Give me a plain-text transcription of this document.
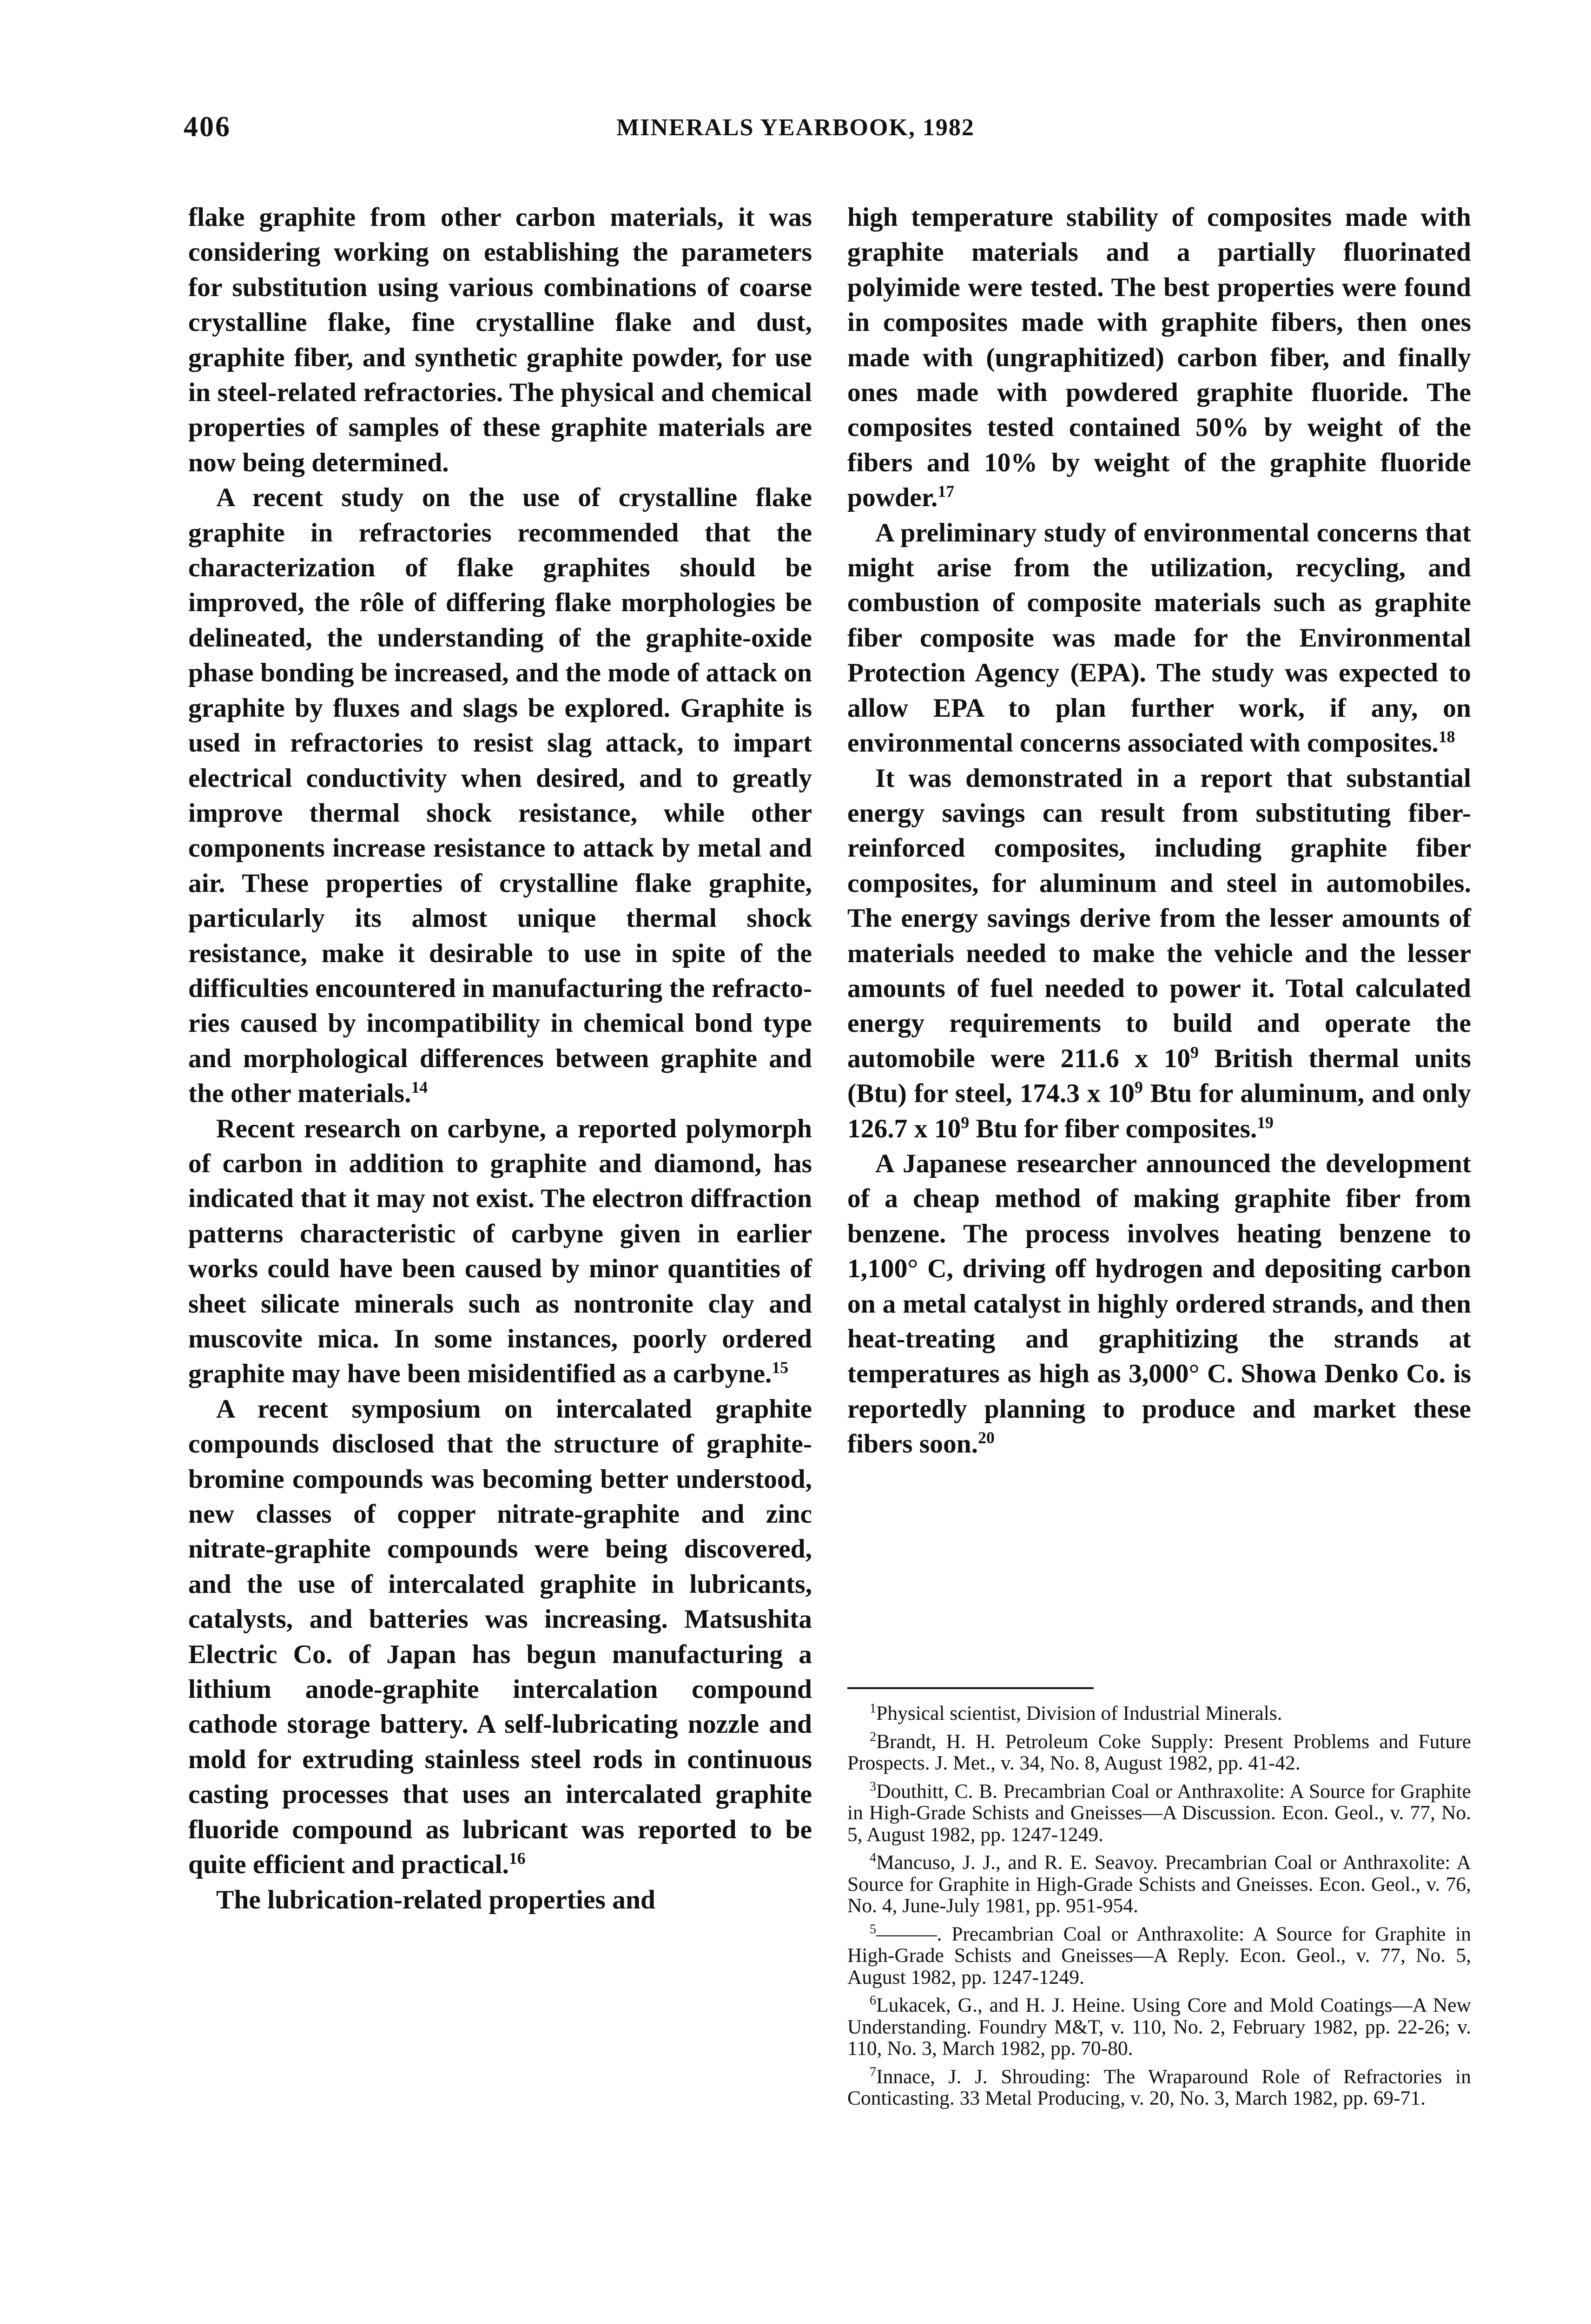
406	MINERALS YEARBOOK, 1982

flake graphite from other carbon materials, it was considering working on establishing the parameters for substitution using various combinations of coarse crystalline flake, fine crystalline flake and dust, graphite fiber, and synthetic graphite powder, for use in steel-related refractories. The physical and chemical properties of samples of these graphite materials are now being determined.

A recent study on the use of crystalline flake graphite in refractories recommended that the characterization of flake graphites should be improved, the rôle of differing flake morphologies be delineated, the understanding of the graphite-oxide phase bonding be increased, and the mode of attack on graphite by fluxes and slags be explored. Graphite is used in refractories to resist slag attack, to impart electrical conductivity when desired, and to greatly improve thermal shock resistance, while other components increase resistance to attack by metal and air. These properties of crystalline flake graphite, particularly its almost unique thermal shock resistance, make it desirable to use in spite of the difficulties encountered in manufacturing the refractories caused by incompatibility in chemical bond type and morphological differences between graphite and the other materials.$^{14}$

Recent research on carbyne, a reported polymorph of carbon in addition to graphite and diamond, has indicated that it may not exist. The electron diffraction patterns characteristic of carbyne given in earlier works could have been caused by minor quantities of sheet silicate minerals such as nontronite clay and muscovite mica. In some instances, poorly ordered graphite may have been misidentified as a carbyne.$^{15}$

A recent symposium on intercalated graphite compounds disclosed that the structure of graphite-bromine compounds was becoming better understood, new classes of copper nitrate-graphite and zinc nitrate-graphite compounds were being discovered, and the use of intercalated graphite in lubricants, catalysts, and batteries was increasing. Matsushita Electric Co. of Japan has begun manufacturing a lithium anode-graphite intercalation compound cathode storage battery. A self-lubricating nozzle and mold for extruding stainless steel rods in continuous casting processes that uses an intercalated graphite fluoride compound as lubricant was reported to be quite efficient and practical.$^{16}$

The lubrication-related properties and

high temperature stability of composites made with graphite materials and a partially fluorinated polyimide were tested. The best properties were found in composites made with graphite fibers, then ones made with (ungraphitized) carbon fiber, and finally ones made with powdered graphite fluoride. The composites tested contained 50% by weight of the fibers and 10% by weight of the graphite fluoride powder.$^{17}$

A preliminary study of environmental concerns that might arise from the utilization, recycling, and combustion of composite materials such as graphite fiber composite was made for the Environmental Protection Agency (EPA). The study was expected to allow EPA to plan further work, if any, on environmental concerns associated with composites.$^{18}$

It was demonstrated in a report that substantial energy savings can result from substituting fiber-reinforced composites, including graphite fiber composites, for aluminum and steel in automobiles. The energy savings derive from the lesser amounts of materials needed to make the vehicle and the lesser amounts of fuel needed to power it. Total calculated energy requirements to build and operate the automobile were 211.6 x $10^9$ British thermal units (Btu) for steel, 174.3 x $10^9$ Btu for aluminum, and only 126.7 x $10^9$ Btu for fiber composites.$^{19}$

A Japanese researcher announced the development of a cheap method of making graphite fiber from benzene. The process involves heating benzene to 1,100° C, driving off hydrogen and depositing carbon on a metal catalyst in highly ordered strands, and then heat-treating and graphitizing the strands at temperatures as high as 3,000° C. Showa Denko Co. is reportedly planning to produce and market these fibers soon.$^{20}$

$^1$Physical scientist, Division of Industrial Minerals.

$^2$Brandt, H. H. Petroleum Coke Supply: Present Problems and Future Prospects. J. Met., v. 34, No. 8, August 1982, pp. 41-42.

$^3$Douthitt, C. B. Precambrian Coal or Anthraxolite: A Source for Graphite in High-Grade Schists and Gneisses—A Discussion. Econ. Geol., v. 77, No. 5, August 1982, pp. 1247-1249.

$^4$Mancuso, J. J., and R. E. Seavoy. Precambrian Coal or Anthraxolite: A Source for Graphite in High-Grade Schists and Gneisses. Econ. Geol., v. 76, No. 4, June-July 1981, pp. 951-954.

$^5$———. Precambrian Coal or Anthraxolite: A Source for Graphite in High-Grade Schists and Gneisses—A Reply. Econ. Geol., v. 77, No. 5, August 1982, pp. 1247-1249.

$^6$Lukacek, G., and H. J. Heine. Using Core and Mold Coatings—A New Understanding. Foundry M&T, v. 110, No. 2, February 1982, pp. 22-26; v. 110, No. 3, March 1982, pp. 70-80.

$^7$Innace, J. J. Shrouding: The Wraparound Role of Refractories in Conticasting. 33 Metal Producing, v. 20, No. 3, March 1982, pp. 69-71.
